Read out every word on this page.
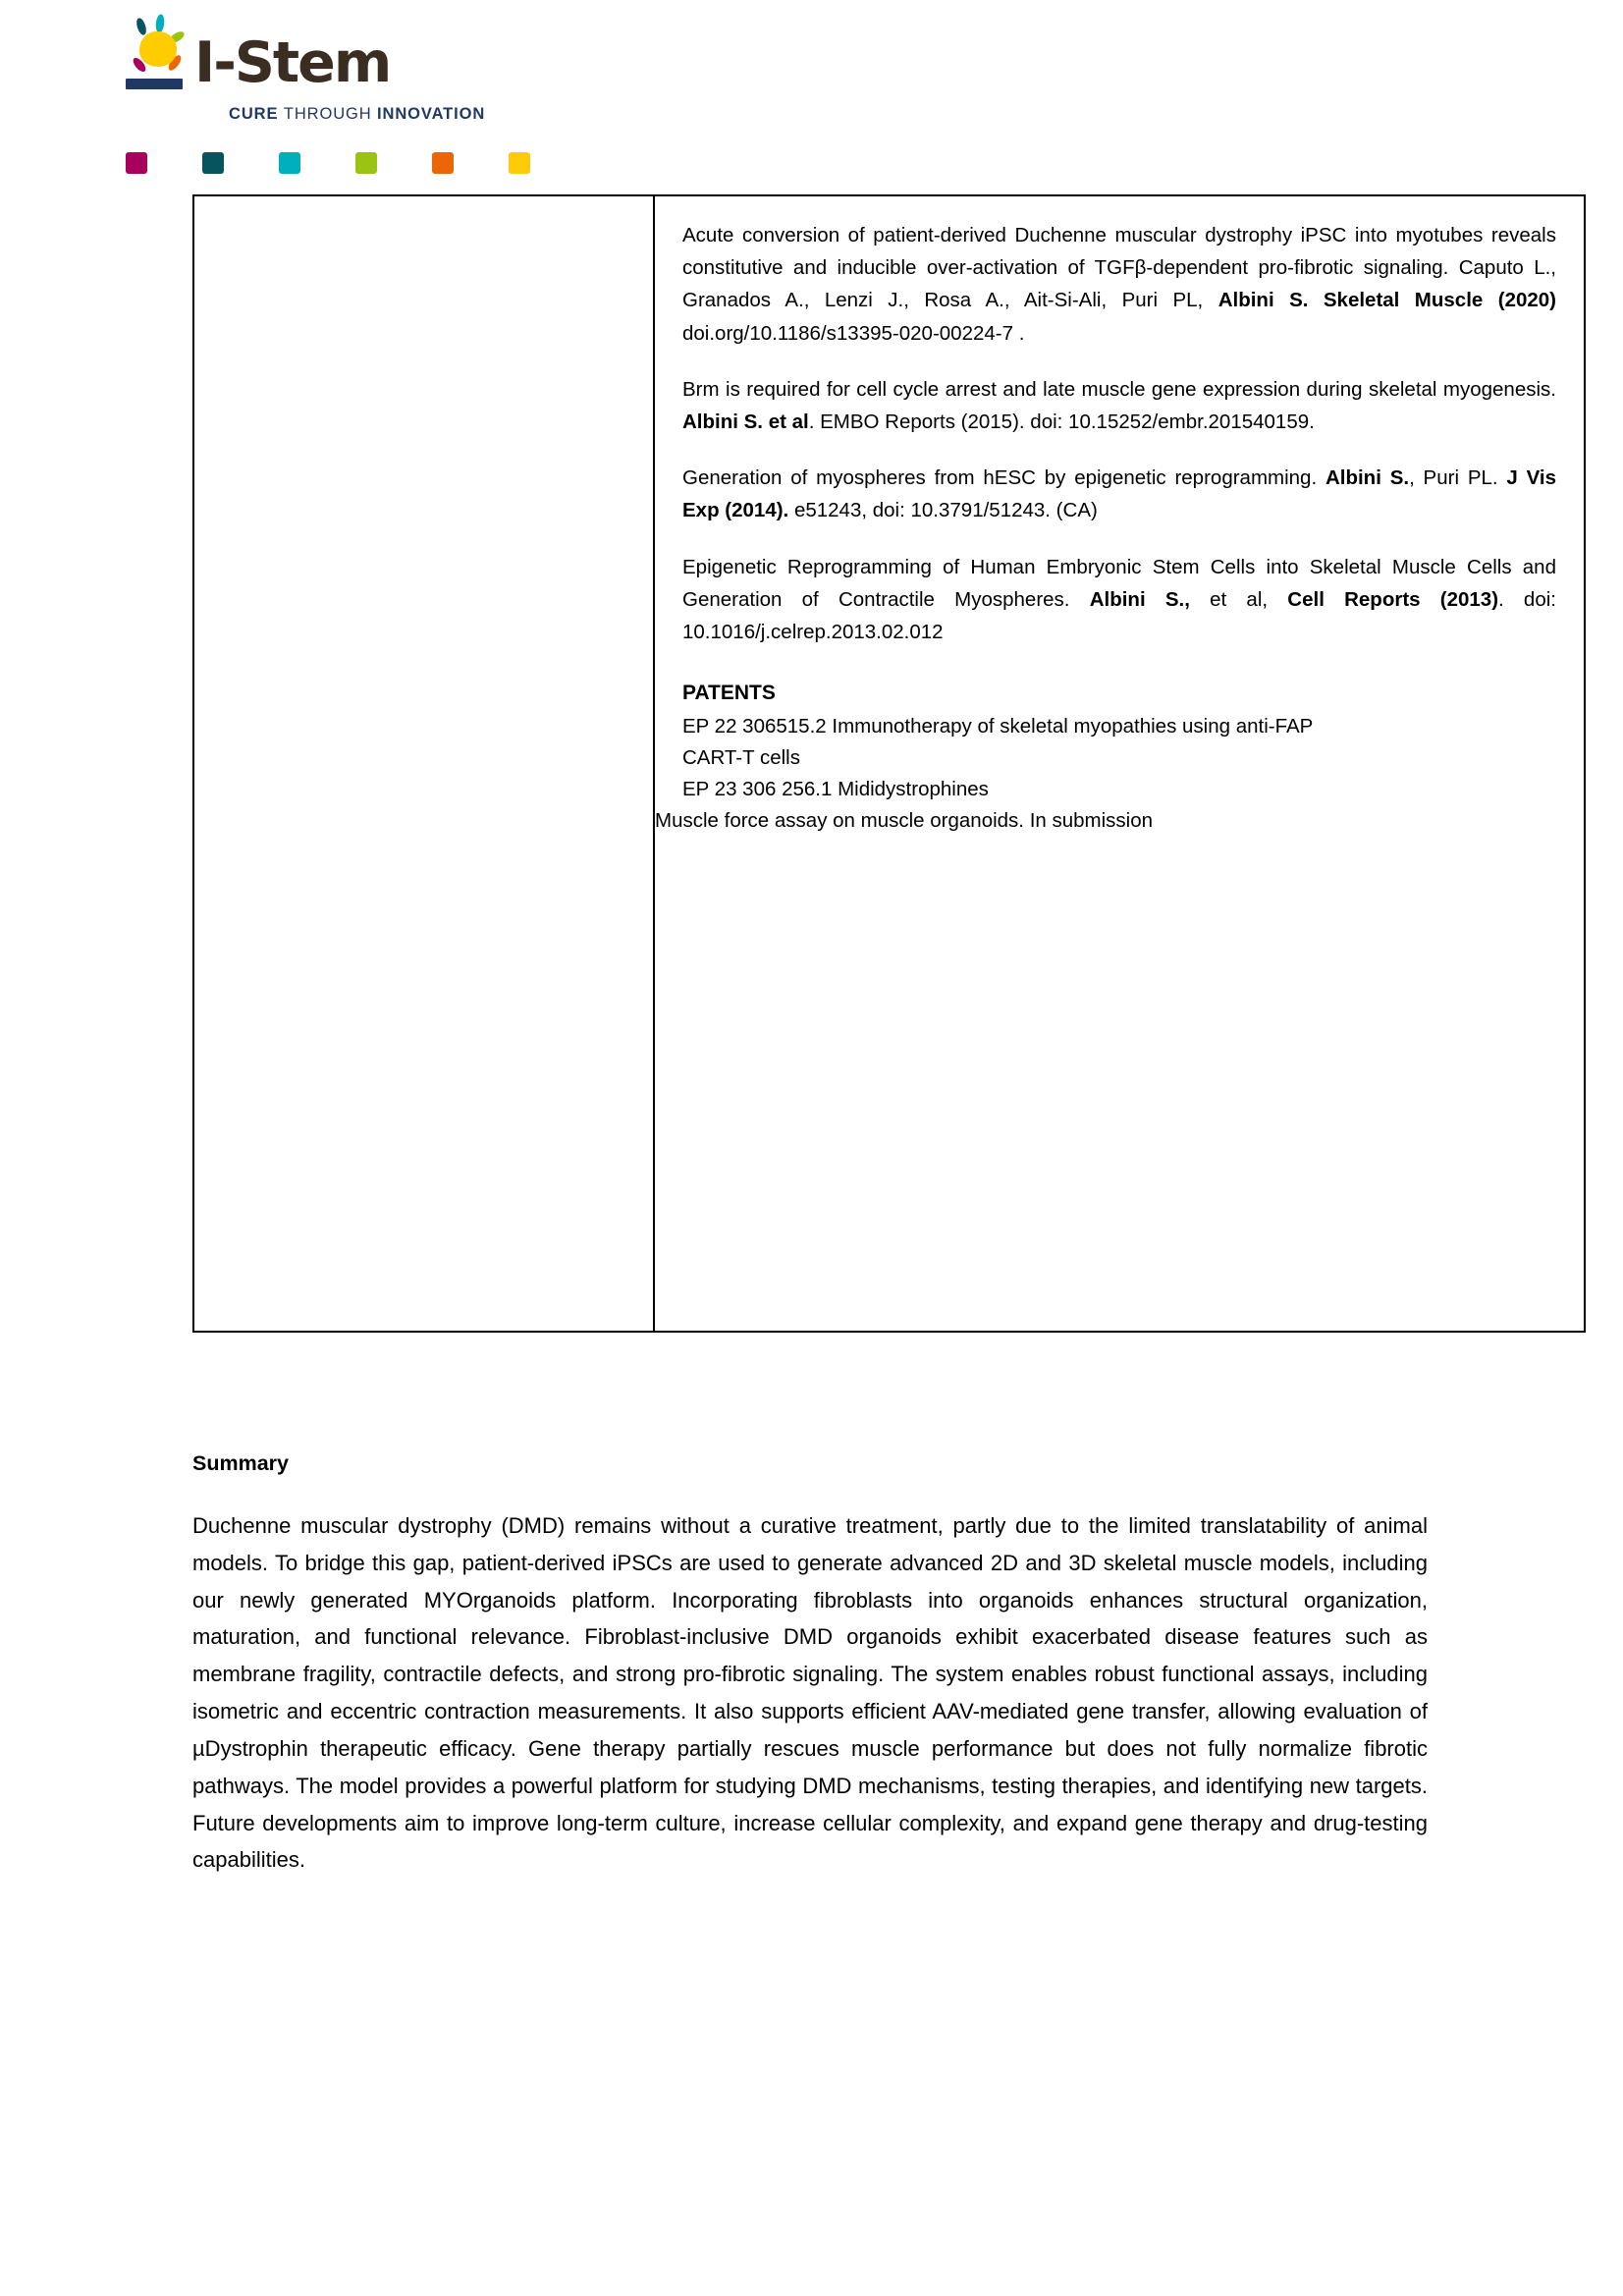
I-Stem
CURE THROUGH INNOVATION

Acute conversion of patient-derived Duchenne muscular dystrophy iPSC into myotubes reveals constitutive and inducible over-activation of TGFβ-dependent pro-fibrotic signaling. Caputo L., Granados A., Lenzi J., Rosa A., Ait-Si-Ali, Puri PL, Albini S. Skeletal Muscle (2020) doi.org/10.1186/s13395-020-00224-7 .

Brm is required for cell cycle arrest and late muscle gene expression during skeletal myogenesis. Albini S. et al. EMBO Reports (2015). doi: 10.15252/embr.201540159.

Generation of myospheres from hESC by epigenetic reprogramming. Albini S., Puri PL. J Vis Exp (2014). e51243, doi: 10.3791/51243. (CA)

Epigenetic Reprogramming of Human Embryonic Stem Cells into Skeletal Muscle Cells and Generation of Contractile Myospheres. Albini S., et al, Cell Reports (2013). doi: 10.1016/j.celrep.2013.02.012

PATENTS

EP 22 306515.2 Immunotherapy of skeletal myopathies using anti-FAP

CART-T cells

EP 23 306 256.1 Mididystrophines

Muscle force assay on muscle organoids. In submission

Summary

Duchenne muscular dystrophy (DMD) remains without a curative treatment, partly due to the limited translatability of animal models. To bridge this gap, patient-derived iPSCs are used to generate advanced 2D and 3D skeletal muscle models, including our newly generated MYOrganoids platform. Incorporating fibroblasts into organoids enhances structural organization, maturation, and functional relevance. Fibroblast-inclusive DMD organoids exhibit exacerbated disease features such as membrane fragility, contractile defects, and strong pro-fibrotic signaling. The system enables robust functional assays, including isometric and eccentric contraction measurements. It also supports efficient AAV-mediated gene transfer, allowing evaluation of µDystrophin therapeutic efficacy. Gene therapy partially rescues muscle performance but does not fully normalize fibrotic pathways. The model provides a powerful platform for studying DMD mechanisms, testing therapies, and identifying new targets. Future developments aim to improve long-term culture, increase cellular complexity, and expand gene therapy and drug-testing capabilities.
